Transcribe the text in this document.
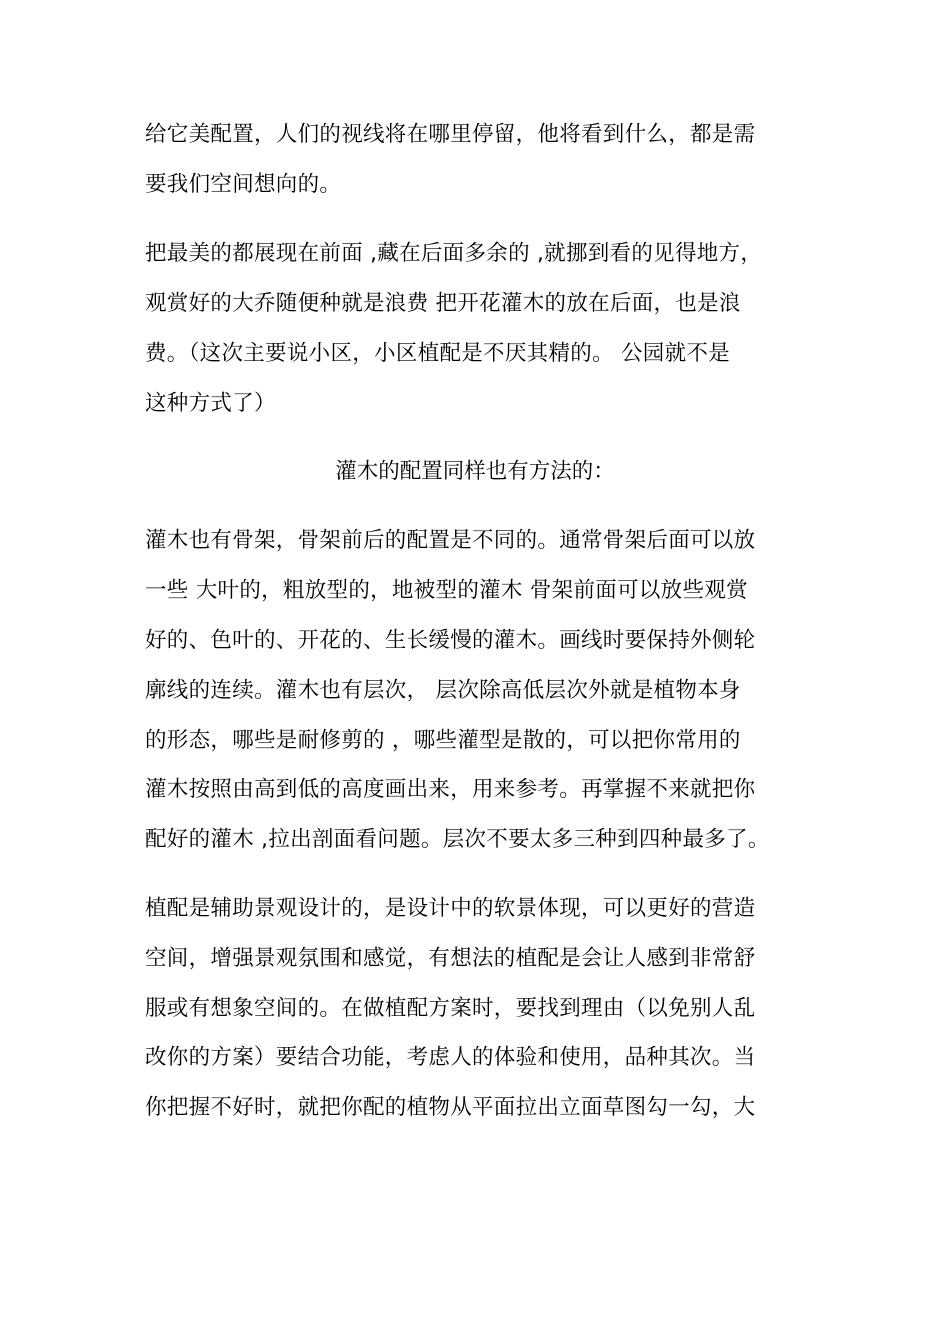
给它美配置，人们的视线将在哪里停留，他将看到什么，都是需
要我们空间想向的。
把最美的都展现在前面 ,藏在后面多余的 ,就挪到看的见得地方，
观赏好的大乔随便种就是浪费 把开花灌木的放在后面，也是浪
费。（这次主要说小区，小区植配是不厌其精的。 公园就不是
这种方式了）
灌木的配置同样也有方法的：
灌木也有骨架，骨架前后的配置是不同的。通常骨架后面可以放
一些 大叶的，粗放型的，地被型的灌木 骨架前面可以放些观赏
好的、色叶的、开花的、生长缓慢的灌木。画线时要保持外侧轮
廓线的连续。灌木也有层次， 层次除高低层次外就是植物本身
的形态，哪些是耐修剪的 ，哪些灌型是散的，可以把你常用的
灌木按照由高到低的高度画出来，用来参考。再掌握不来就把你
配好的灌木 ,拉出剖面看问题。层次不要太多三种到四种最多了。
植配是辅助景观设计的，是设计中的软景体现，可以更好的营造
空间，增强景观氛围和感觉，有想法的植配是会让人感到非常舒
服或有想象空间的。在做植配方案时，要找到理由（以免别人乱
改你的方案）要结合功能，考虑人的体验和使用，品种其次。当
你把握不好时，就把你配的植物从平面拉出立面草图勾一勾，大
